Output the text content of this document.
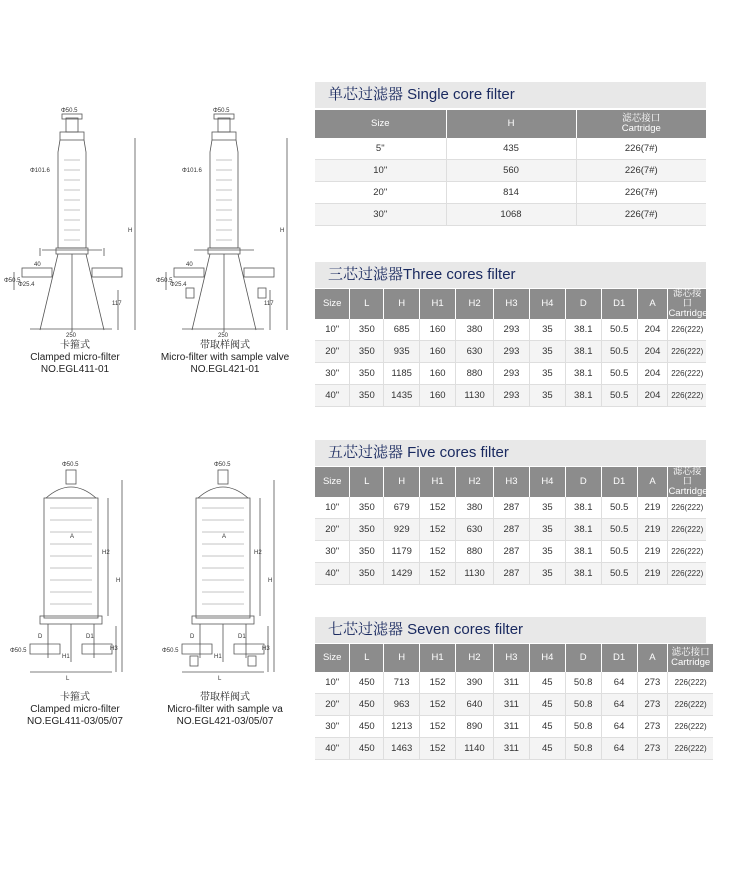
Φ50.5
Φ101.6
H
117
Φ50.5
40
Φ25.4
250
卡箍式
Clamped micro-filter
NO.EGL411-01
Φ50.5
Φ101.6
H
117
Φ50.5
40
Φ25.4
250
带取样阀式
Micro-filter with sample valve
NO.EGL421-01
Φ50.5
A
H2
H
H1
H3
D	D1
L
Φ50.5
卡箍式
Clamped micro-filter
NO.EGL411-03/05/07
Φ50.5
A
H2
H
H1
H3
D	D1
L
Φ50.5
带取样阀式
Micro-filter with sample va
NO.EGL421-03/05/07
单芯过滤器 Single core filter
Size	H	滤芯接口
Cartridge

5"	435	226(7#)
10"	560	226(7#)
20"	814	226(7#)
30"	1068	226(7#)
三芯过滤器Three cores filter
Size	L	H	H1	H2	H3	H4	D	D1	A	滤芯接口
Cartridge

10"	350	685	160	380	293	35	38.1	50.5	204	226(222)
20"	350	935	160	630	293	35	38.1	50.5	204	226(222)
30"	350	1185	160	880	293	35	38.1	50.5	204	226(222)
40"	350	1435	160	1130	293	35	38.1	50.5	204	226(222)
五芯过滤器 Five cores filter
Size	L	H	H1	H2	H3	H4	D	D1	A	滤芯接口
Cartridge

10"	350	679	152	380	287	35	38.1	50.5	219	226(222)
20"	350	929	152	630	287	35	38.1	50.5	219	226(222)
30"	350	1179	152	880	287	35	38.1	50.5	219	226(222)
40"	350	1429	152	1130	287	35	38.1	50.5	219	226(222)
七芯过滤器 Seven cores filter
Size	L	H	H1	H2	H3	H4	D	D1	A	滤芯接口
Cartridge

10"	450	713	152	390	311	45	50.8	64	273	226(222)
20"	450	963	152	640	311	45	50.8	64	273	226(222)
30"	450	1213	152	890	311	45	50.8	64	273	226(222)
40"	450	1463	152	1140	311	45	50.8	64	273	226(222)
